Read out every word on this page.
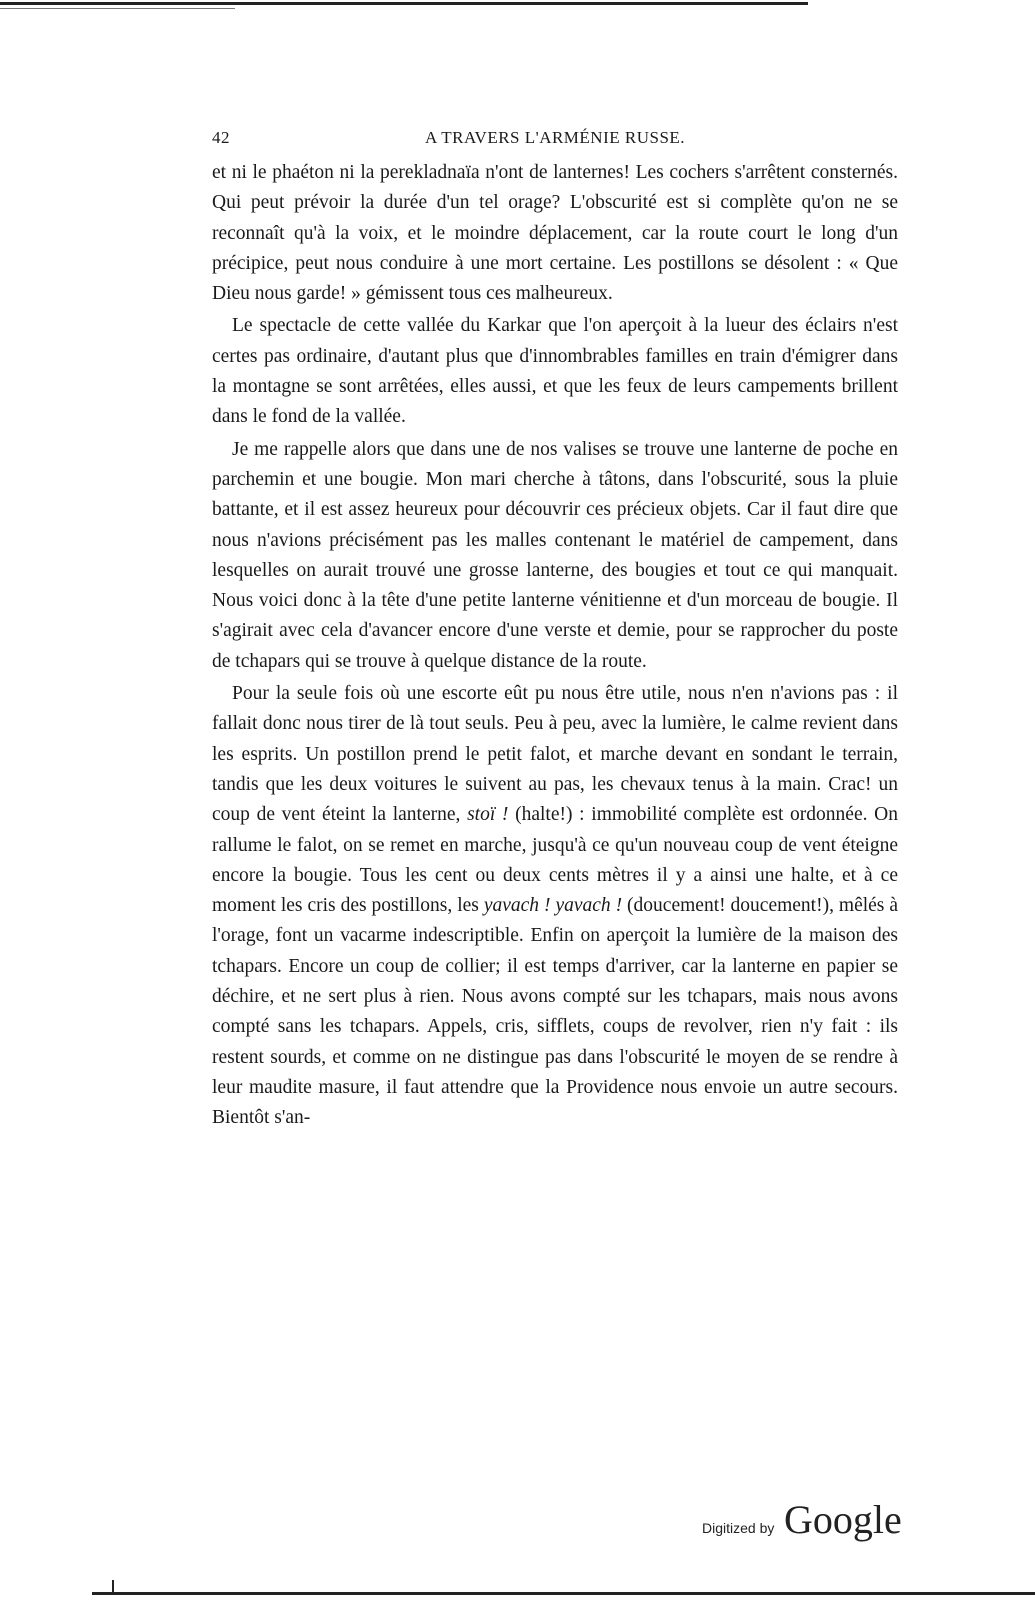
42	A TRAVERS L'ARMÉNIE RUSSE.

et ni le phaéton ni la perekladnaïa n'ont de lanternes! Les cochers s'arrêtent consternés. Qui peut prévoir la durée d'un tel orage? L'obscurité est si complète qu'on ne se reconnaît qu'à la voix, et le moindre déplacement, car la route court le long d'un précipice, peut nous conduire à une mort certaine. Les postillons se désolent : « Que Dieu nous garde! » gémissent tous ces malheureux.

Le spectacle de cette vallée du Karkar que l'on aperçoit à la lueur des éclairs n'est certes pas ordinaire, d'autant plus que d'innombrables familles en train d'émigrer dans la montagne se sont arrêtées, elles aussi, et que les feux de leurs campements brillent dans le fond de la vallée.

Je me rappelle alors que dans une de nos valises se trouve une lanterne de poche en parchemin et une bougie. Mon mari cherche à tâtons, dans l'obscurité, sous la pluie battante, et il est assez heureux pour découvrir ces précieux objets. Car il faut dire que nous n'avions précisément pas les malles contenant le matériel de campement, dans lesquelles on aurait trouvé une grosse lanterne, des bougies et tout ce qui manquait. Nous voici donc à la tête d'une petite lanterne vénitienne et d'un morceau de bougie. Il s'agirait avec cela d'avancer encore d'une verste et demie, pour se rapprocher du poste de tchapars qui se trouve à quelque distance de la route.

Pour la seule fois où une escorte eût pu nous être utile, nous n'en n'avions pas : il fallait donc nous tirer de là tout seuls. Peu à peu, avec la lumière, le calme revient dans les esprits. Un postillon prend le petit falot, et marche devant en sondant le terrain, tandis que les deux voitures le suivent au pas, les chevaux tenus à la main. Crac! un coup de vent éteint la lanterne, stoï ! (halte!) : immobilité complète est ordonnée. On rallume le falot, on se remet en marche, jusqu'à ce qu'un nouveau coup de vent éteigne encore la bougie. Tous les cent ou deux cents mètres il y a ainsi une halte, et à ce moment les cris des postillons, les yavach ! yavach ! (doucement! doucement!), mêlés à l'orage, font un vacarme indescriptible. Enfin on aperçoit la lumière de la maison des tchapars. Encore un coup de collier; il est temps d'arriver, car la lanterne en papier se déchire, et ne sert plus à rien. Nous avons compté sur les tchapars, mais nous avons compté sans les tchapars. Appels, cris, sifflets, coups de revolver, rien n'y fait : ils restent sourds, et comme on ne distingue pas dans l'obscurité le moyen de se rendre à leur maudite masure, il faut attendre que la Providence nous envoie un autre secours. Bientôt s'an-

Digitized by Google
